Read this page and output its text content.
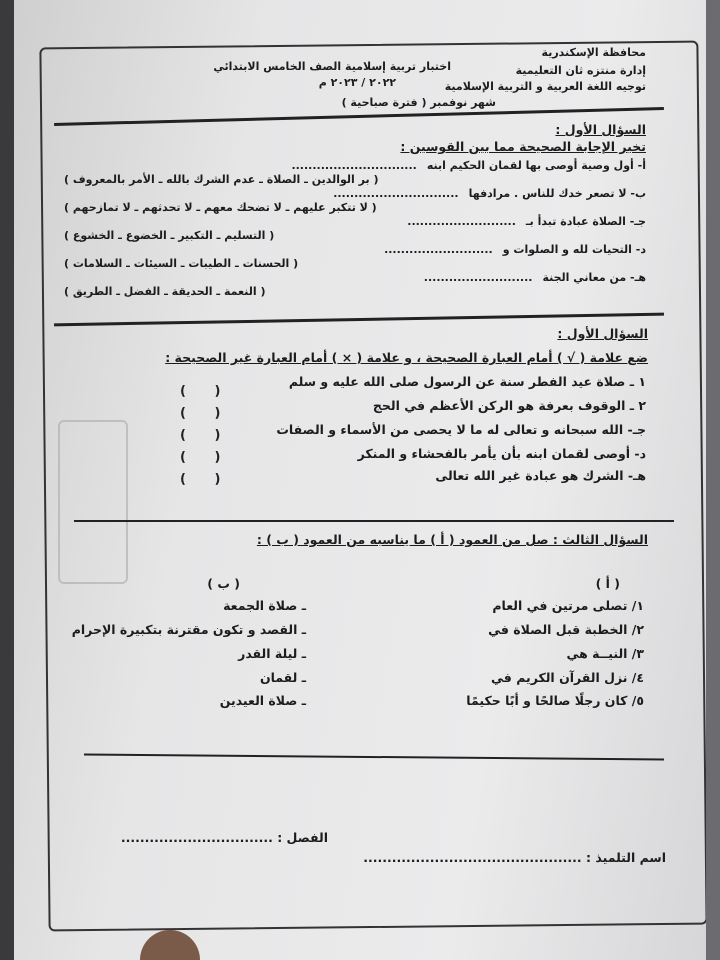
محافظة الإسكندرية
إدارة منتزه ثان التعليمية
توجيه اللغة العربية و التربية الإسلامية
اختبار تربية إسلامية الصف الخامس الابتدائي
٢٠٢٢ / ٢٠٢٣ م
شهر نوفمبر ( فترة صباحية )
السؤال الأول :
تخير الإجابة الصحيحة مما بين القوسين :
أ- أول وصية أوصى بها لقمان الحكيم ابنه
..............................
( بر الوالدين ـ الصلاة ـ عدم الشرك بالله ـ الأمر بالمعروف )
ب- لا تصعر خدك للناس . مرادفها
..............................
( لا تتكبر عليهم ـ لا تضحك معهم ـ لا تحدثهم ـ لا تمازحهم )
جـ- الصلاة عبادة تبدأ بـ
..........................
( التسليم ـ التكبير ـ الخضوع ـ الخشوع )
د- التحيات لله و الصلوات و
..........................
( الحسنات ـ الطيبات ـ السيئات ـ السلامات )
هـ- من معاني الجنة
..........................
( النعمة ـ الحديقة ـ الفضل ـ الطريق )
السؤال الأول :
ضع علامة ( √ ) أمام العبارة الصحيحة ، و علامة ( × ) أمام العبارة غير الصحيحة :
١ ـ صلاة عيد الفطر سنة عن الرسول صلى الله عليه و سلم
٢ ـ الوقوف بعرفة هو الركن الأعظم في الحج
جـ- الله سبحانه و تعالى له ما لا يحصى من الأسماء و الصفات
د- أوصى لقمان ابنه بأن يأمر بالفحشاء و المنكر
هـ- الشرك هو عبادة غير الله تعالى
( )
( )
( )
( )
( )
السؤال الثالث : صل من العمود ( أ ) ما يناسبه من العمود ( ب ) :
( أ )
( ب )
١/ تصلى مرتين في العام
٢/ الخطبة قبل الصلاة في
٣/ النيــة هي
٤/ نزل القرآن الكريم في
٥/ كان رجلًا صالحًا و أبًا حكيمًا
ـ صلاة الجمعة
ـ القصد و تكون مقترنة بتكبيرة الإحرام
ـ ليلة القدر
ـ لقمان
ـ صلاة العيدين
اسم التلميذ : ..............................................
الفصل : ................................
